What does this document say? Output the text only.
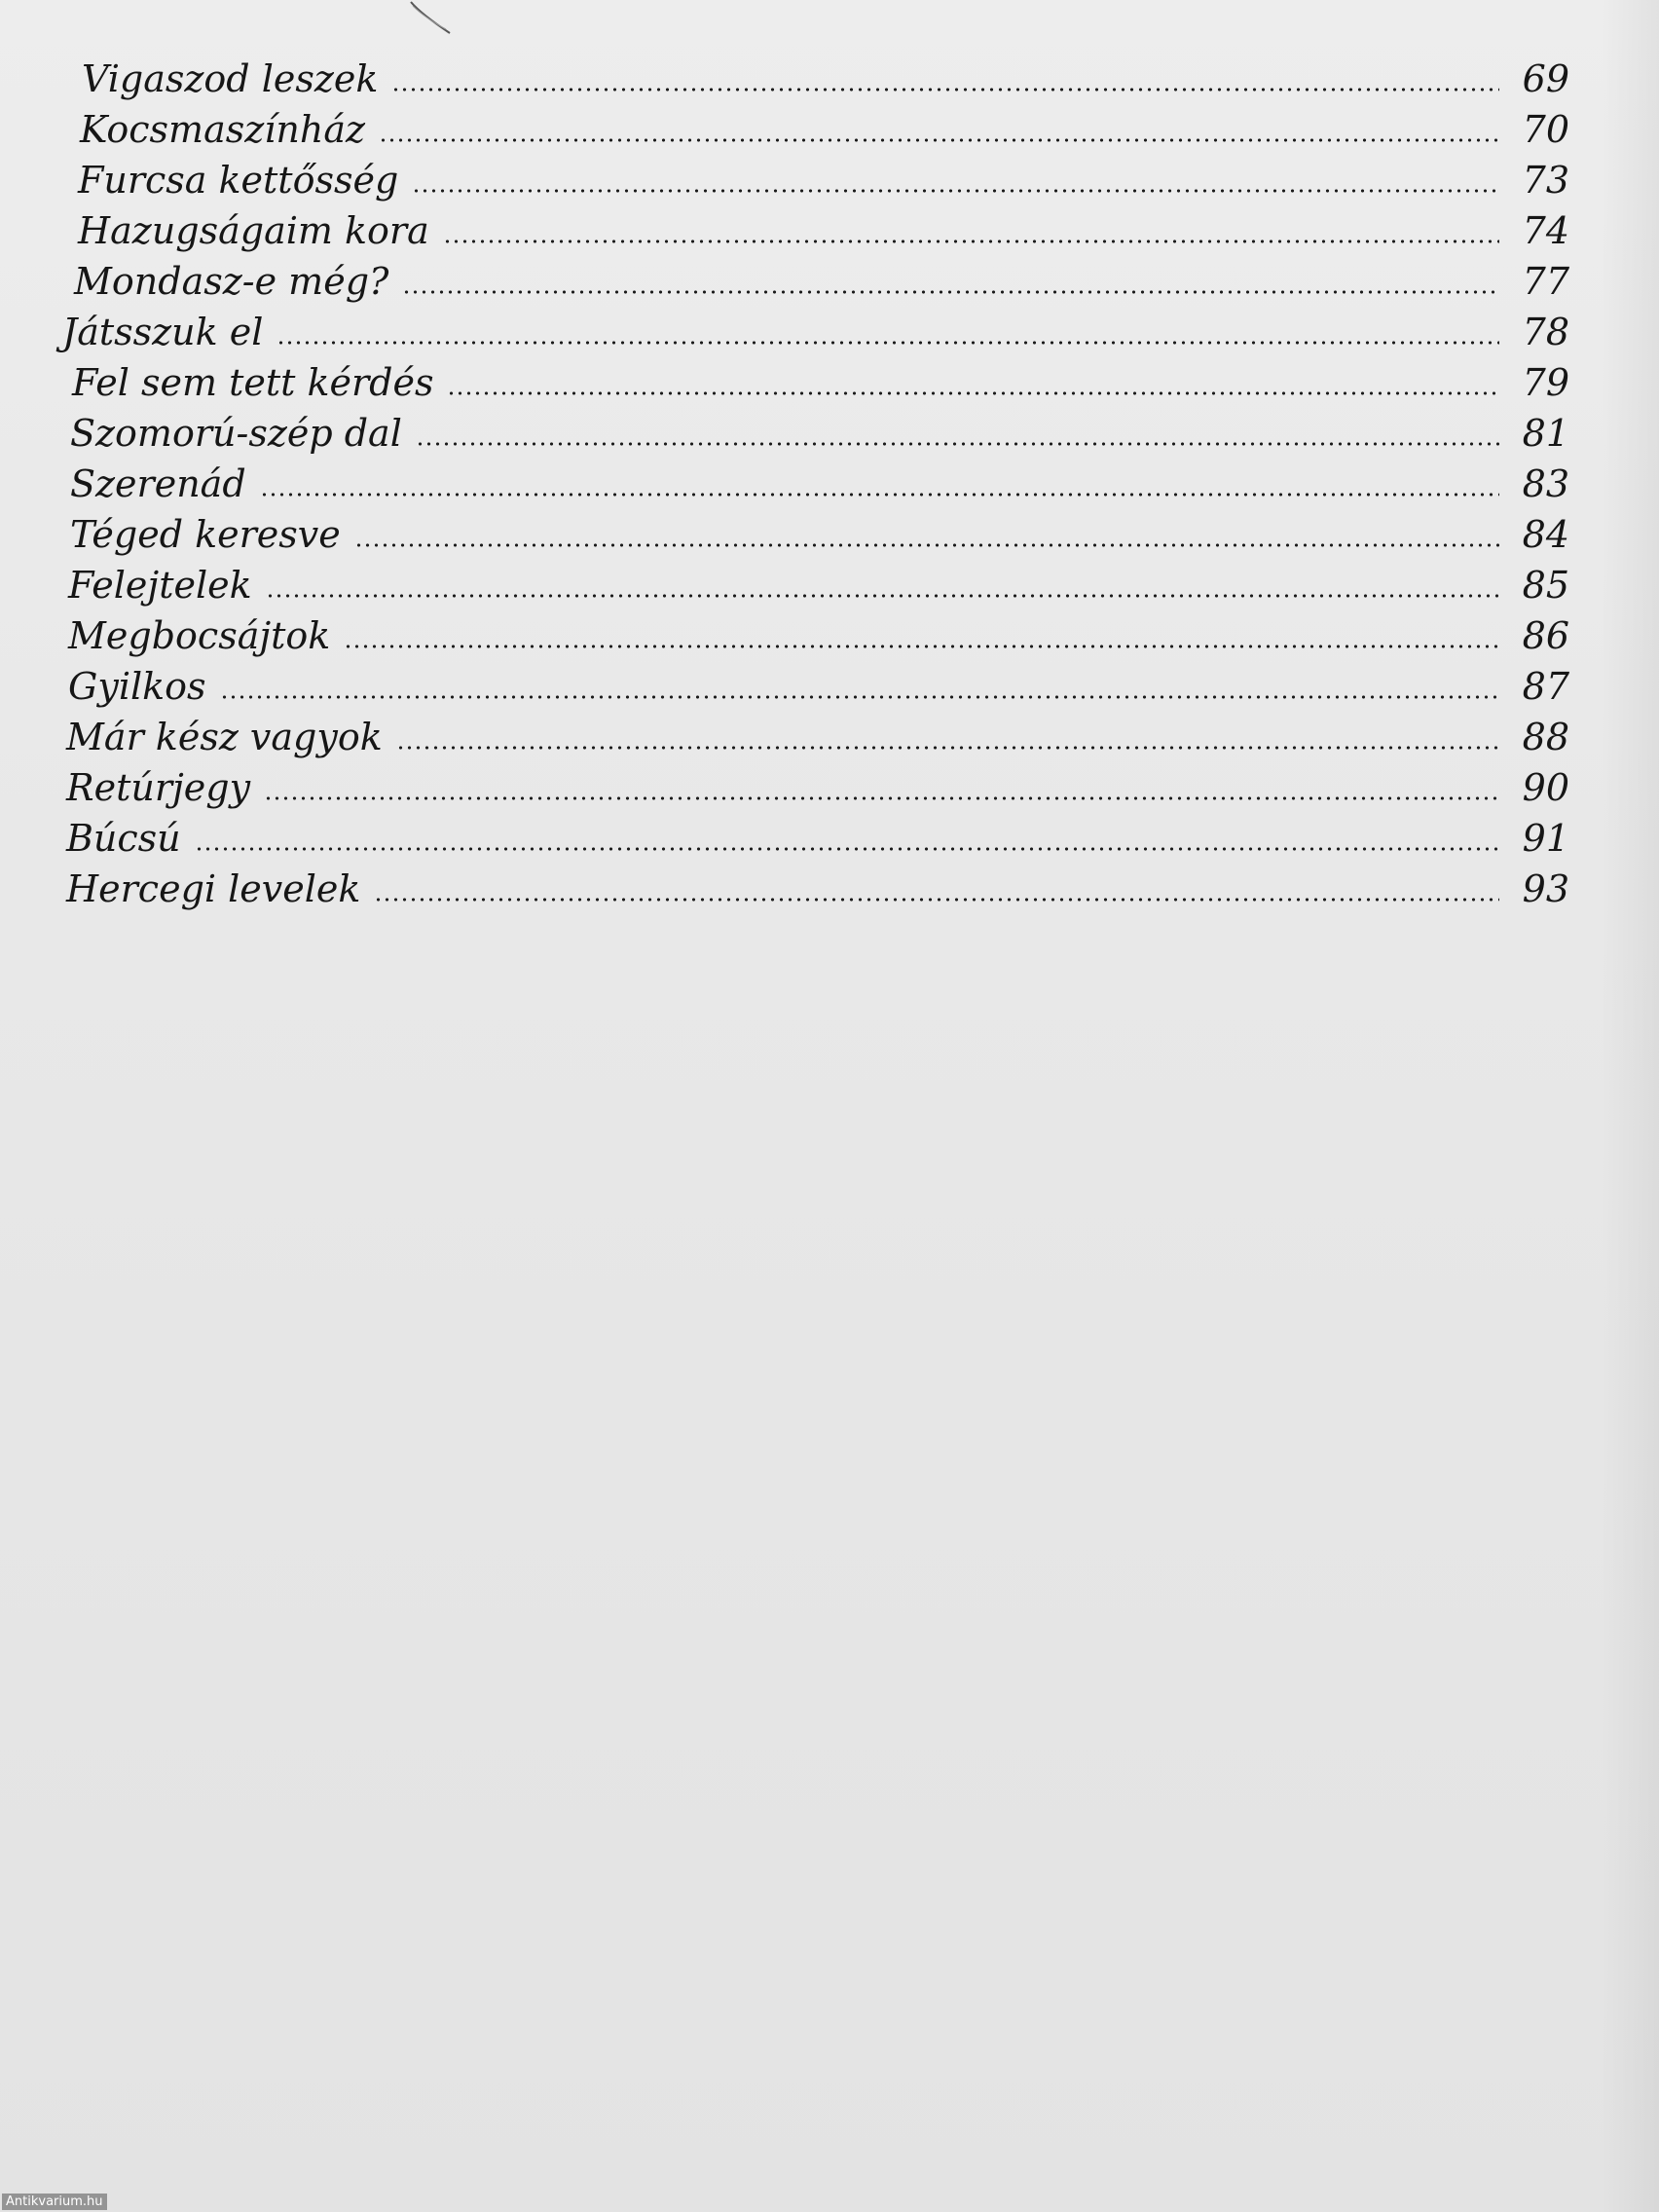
Vigaszod leszek	69
Kocsmaszínház	70
Furcsa kettősség	73
Hazugságaim kora	74
Mondasz-e még?	77
Játsszuk el	78
Fel sem tett kérdés	79
Szomorú-szép dal	81
Szerenád	83
Téged keresve	84
Felejtelek	85
Megbocsájtok	86
Gyilkos	87
Már kész vagyok	88
Retúrjegy	90
Búcsú	91
Hercegi levelek	93
Antikvarium.hu
